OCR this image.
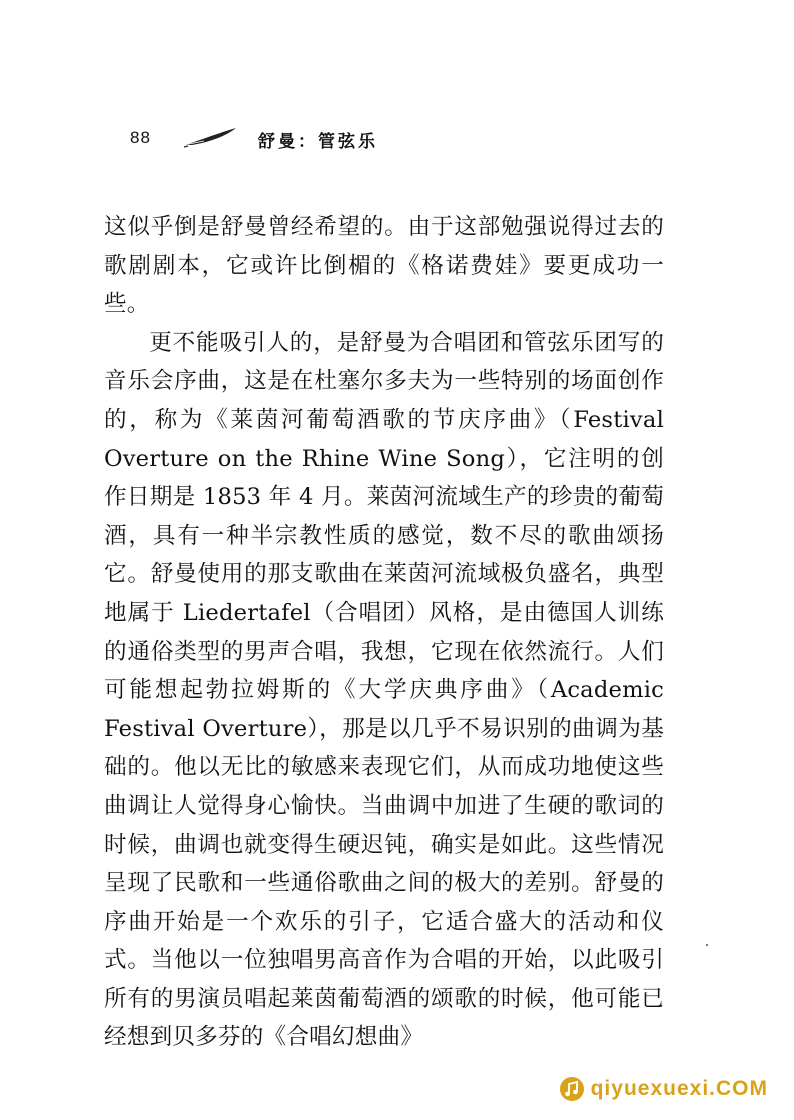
88	舒曼：管弦乐

这似乎倒是舒曼曾经希望的。由于这部勉强说得过去的歌剧剧本，它或许比倒楣的《格诺费娃》要更成功一些。

更不能吸引人的，是舒曼为合唱团和管弦乐团写的音乐会序曲，这是在杜塞尔多夫为一些特别的场面创作的，称为《莱茵河葡萄酒歌的节庆序曲》（Festival Overture on the Rhine Wine Song），它注明的创作日期是 1853 年 4 月。莱茵河流域生产的珍贵的葡萄酒，具有一种半宗教性质的感觉，数不尽的歌曲颂扬它。舒曼使用的那支歌曲在莱茵河流域极负盛名，典型地属于 Liedertafel（合唱团）风格，是由德国人训练的通俗类型的男声合唱，我想，它现在依然流行。人们可能想起勃拉姆斯的《大学庆典序曲》（Academic Festival Overture），那是以几乎不易识别的曲调为基础的。他以无比的敏感来表现它们，从而成功地使这些曲调让人觉得身心愉快。当曲调中加进了生硬的歌词的时候，曲调也就变得生硬迟钝，确实是如此。这些情况呈现了民歌和一些通俗歌曲之间的极大的差别。舒曼的序曲开始是一个欢乐的引子，它适合盛大的活动和仪式。当他以一位独唱男高音作为合唱的开始，以此吸引所有的男演员唱起莱茵葡萄酒的颂歌的时候，他可能已经想到贝多芬的《合唱幻想曲》

qiyuexuexi.COM
